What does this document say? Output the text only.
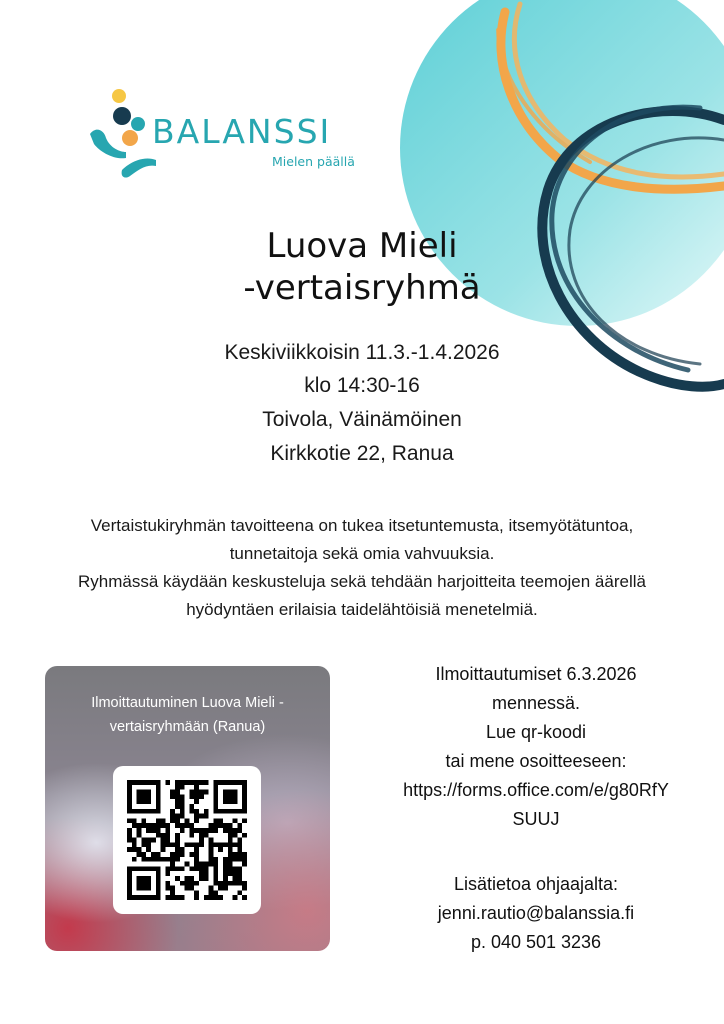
BALANSSI
Mielen päällä
Luova Mieli
-vertaisryhmä
Keskiviikkoisin 11.3.-1.4.2026
klo 14:30-16
Toivola, Väinämöinen
Kirkkotie 22, Ranua
Vertaistukiryhmän tavoitteena on tukea itsetuntemusta, itsemyötätuntoa,
tunnetaitoja sekä omia vahvuuksia.
Ryhmässä käydään keskusteluja sekä tehdään harjoitteita teemojen äärellä
hyödyntäen erilaisia taidelähtöisiä menetelmiä.
Ilmoittautuminen Luova Mieli -
vertaisryhmään (Ranua)
Ilmoittautumiset 6.3.2026
mennessä.
Lue qr-koodi
tai mene osoitteeseen:
https://forms.office.com/e/g80RfY
SUUJ
Lisätietoa ohjaajalta:
jenni.rautio@balanssia.fi
p. 040 501 3236
